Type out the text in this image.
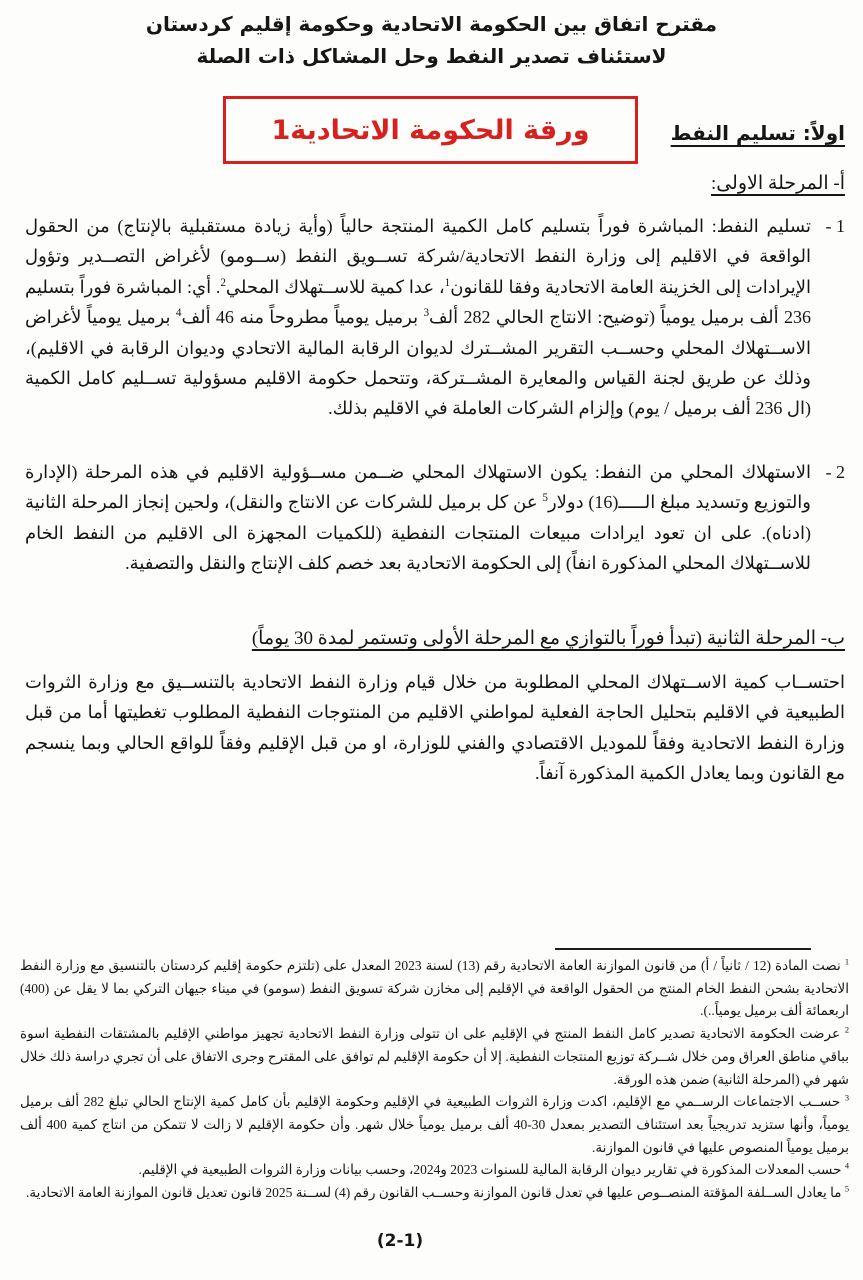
مقترح اتفاق بين الحكومة الاتحادية وحكومة إقليم كردستان
لاستئناف تصدير النفط وحل المشاكل ذات الصلة
ورقة الحكومة الاتحادية1	اولاً: تسليم النفط
أ- المرحلة الاولى:
1 -
تسليم النفط: المباشرة فوراً بتسليم كامل الكمية المنتجة حالياً (وأية زيادة مستقبلية بالإنتاج) من الحقول الواقعة في الاقليم إلى وزارة النفط الاتحادية/شركة تســويق النفط (ســومو) لأغراض التصــدير وتؤول الإيرادات إلى الخزينة العامة الاتحادية وفقا للقانون$^1$، عدا كمية للاســتهلاك المحلي$^2$. أي: المباشرة فوراً بتسليم 236 ألف برميل يومياً (توضيح: الانتاج الحالي 282 ألف$^3$ برميل يومياً مطروحاً منه 46 ألف$^4$ برميل يومياً لأغراض الاســتهلاك المحلي وحســب التقرير المشــترك لديوان الرقابة المالية الاتحادي وديوان الرقابة في الاقليم)، وذلك عن طريق لجنة القياس والمعايرة المشــتركة، وتتحمل حكومة الاقليم مسؤولية تســليم كامل الكمية (ال 236 ألف برميل / يوم) وإلزام الشركات العاملة في الاقليم بذلك.
2 -
الاستهلاك المحلي من النفط: يكون الاستهلاك المحلي ضــمن مســؤولية الاقليم في هذه المرحلة (الإدارة والتوزيع وتسديد مبلغ الـــــ(16) دولار$^5$ عن كل برميل للشركات عن الانتاج والنقل)، ولحين إنجاز المرحلة الثانية (ادناه). على ان تعود ايرادات مبيعات المنتجات النفطية (للكميات المجهزة الى الاقليم من النفط الخام للاســتهلاك المحلي المذكورة انفاً) إلى الحكومة الاتحادية بعد خصم كلف الإنتاج والنقل والتصفية.
ب- المرحلة الثانية (تبدأ فوراً بالتوازي مع المرحلة الأولى وتستمر لمدة 30 يوماً)
احتســاب كمية الاســتهلاك المحلي المطلوبة من خلال قيام وزارة النفط الاتحادية بالتنســيق مع وزارة الثروات الطبيعية في الاقليم بتحليل الحاجة الفعلية لمواطني الاقليم من المنتوجات النفطية المطلوب تغطيتها أما من قبل وزارة النفط الاتحادية وفقاً للموديل الاقتصادي والفني للوزارة، او من قبل الإقليم وفقاً للواقع الحالي وبما ينسجم مع القانون وبما يعادل الكمية المذكورة آنفاً.

$^1$ نصت المادة (12 / ثانياً / أ) من قانون الموازنة العامة الاتحادية رقم (13) لسنة 2023 المعدل على (تلتزم حكومة إقليم كردستان بالتنسيق مع وزارة النفط الاتحادية بشحن النفط الخام المنتج من الحقول الواقعة في الإقليم إلى مخازن شركة تسويق النفط (سومو) في ميناء جيهان التركي بما لا يقل عن (400) اربعمائة ألف برميل يومياً..).

$^2$ عرضت الحكومة الاتحادية تصدير كامل النفط المنتج في الإقليم على ان تتولى وزارة النفط الاتحادية تجهيز مواطني الإقليم بالمشتقات النفطية اسوة بباقي مناطق العراق ومن خلال شــركة توزيع المنتجات النفطية. إلا أن حكومة الإقليم لم توافق على المقترح وجرى الاتفاق على أن تجري دراسة ذلك خلال شهر في (المرحلة الثانية) ضمن هذه الورقة.

$^3$ حســب الاجتماعات الرســمي مع الإقليم، اكدت وزارة الثروات الطبيعية في الإقليم وحكومة الإقليم بأن كامل كمية الإنتاج الحالي تبلغ 282 ألف برميل يومياً، وأنها ستزيد تدريجياً بعد استئناف التصدير بمعدل ⁦40-30⁩ ألف برميل يومياً خلال شهر. وأن حكومة الإقليم لا زالت لا تتمكن من انتاج كمية 400 ألف برميل يومياً المنصوص عليها في قانون الموازنة.

$^4$ حسب المعدلات المذكورة في تقارير ديوان الرقابة المالية للسنوات 2023 و2024، وحسب بيانات وزارة الثروات الطبيعية في الإقليم.

$^5$ ما يعادل الســلفة المؤقتة المنصــوص عليها في تعدل قانون الموازنة وحســب القانون رقم (4) لســنة 2025 قانون تعديل قانون الموازنة العامة الاتحادية.

(2-1)
